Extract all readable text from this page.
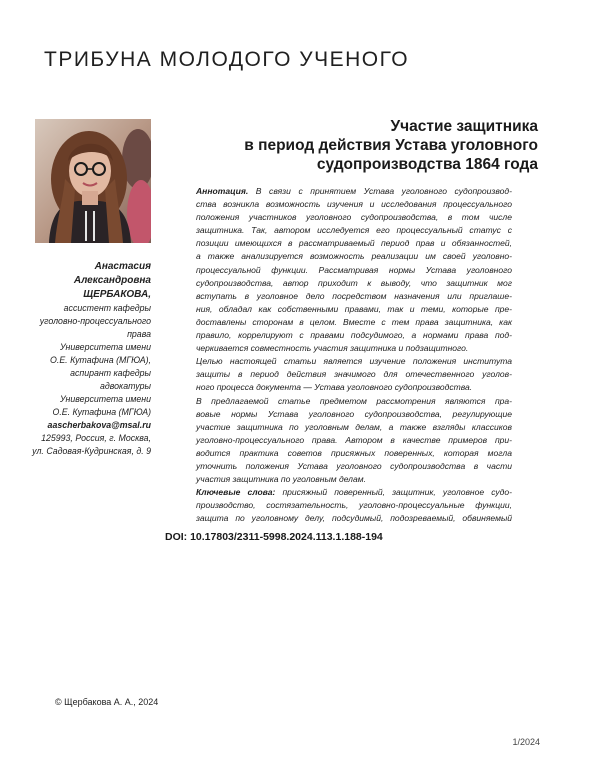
ТРИБУНА МОЛОДОГО УЧЕНОГО
Участие защитника
в период действия Устава уголовного
судопроизводства 1864 года
Анастасия
Александровна
ЩЕРБАКОВА,
ассистент кафедры
уголовно-процессуального
права
Университета имени
О.Е. Кутафина (МГЮА),
аспирант кафедры
адвокатуры
Университета имени
О.Е. Кутафина (МГЮА)
aascherbakova@msal.ru
125993, Россия, г. Москва,
ул. Садовая-Кудринская, д. 9
Аннотация. В связи с принятием Устава уголовного судопроизвод-
ства возникла возможность изучения и исследования процессуального
положения участников уголовного судопроизводства, в том числе
защитника. Так, автором исследуется его процессуальный статус с
позиции имеющихся в рассматриваемый период прав и обязанностей,
а также анализируется возможность реализации им своей уголовно-
процессуальной функции. Рассматривая нормы Устава уголовного
судопроизводства, автор приходит к выводу, что защитник мог
вступать в уголовное дело посредством назначения или приглаше-
ния, обладал как собственными правами, так и теми, которые пре-
доставлены сторонам в целом. Вместе с тем права защитника, как
правило, коррелируют с правами подсудимого, а нормами права под-
черкивается совместность участия защитника и подзащитного.
Целью настоящей статьи является изучение положения института
защиты в период действия значимого для отечественного уголов-
ного процесса документа — Устава уголовного судопроизводства.
В предлагаемой статье предметом рассмотрения являются пра-
вовые нормы Устава уголовного судопроизводства, регулирующие
участие защитника по уголовным делам, а также взгляды классиков
уголовно-процессуального права. Автором в качестве примеров при-
водится практика советов присяжных поверенных, которая могла
уточнить положения Устава уголовного судопроизводства в части
участия защитника по уголовным делам.
Ключевые слова: присяжный поверенный, защитник, уголовное судо-
производство, состязательность, уголовно-процессуальные функции,
защита по уголовному делу, подсудимый, подозреваемый, обвиняемый
DOI: 10.17803/2311-5998.2024.113.1.188-194
© Щербакова А. А., 2024
1/2024
